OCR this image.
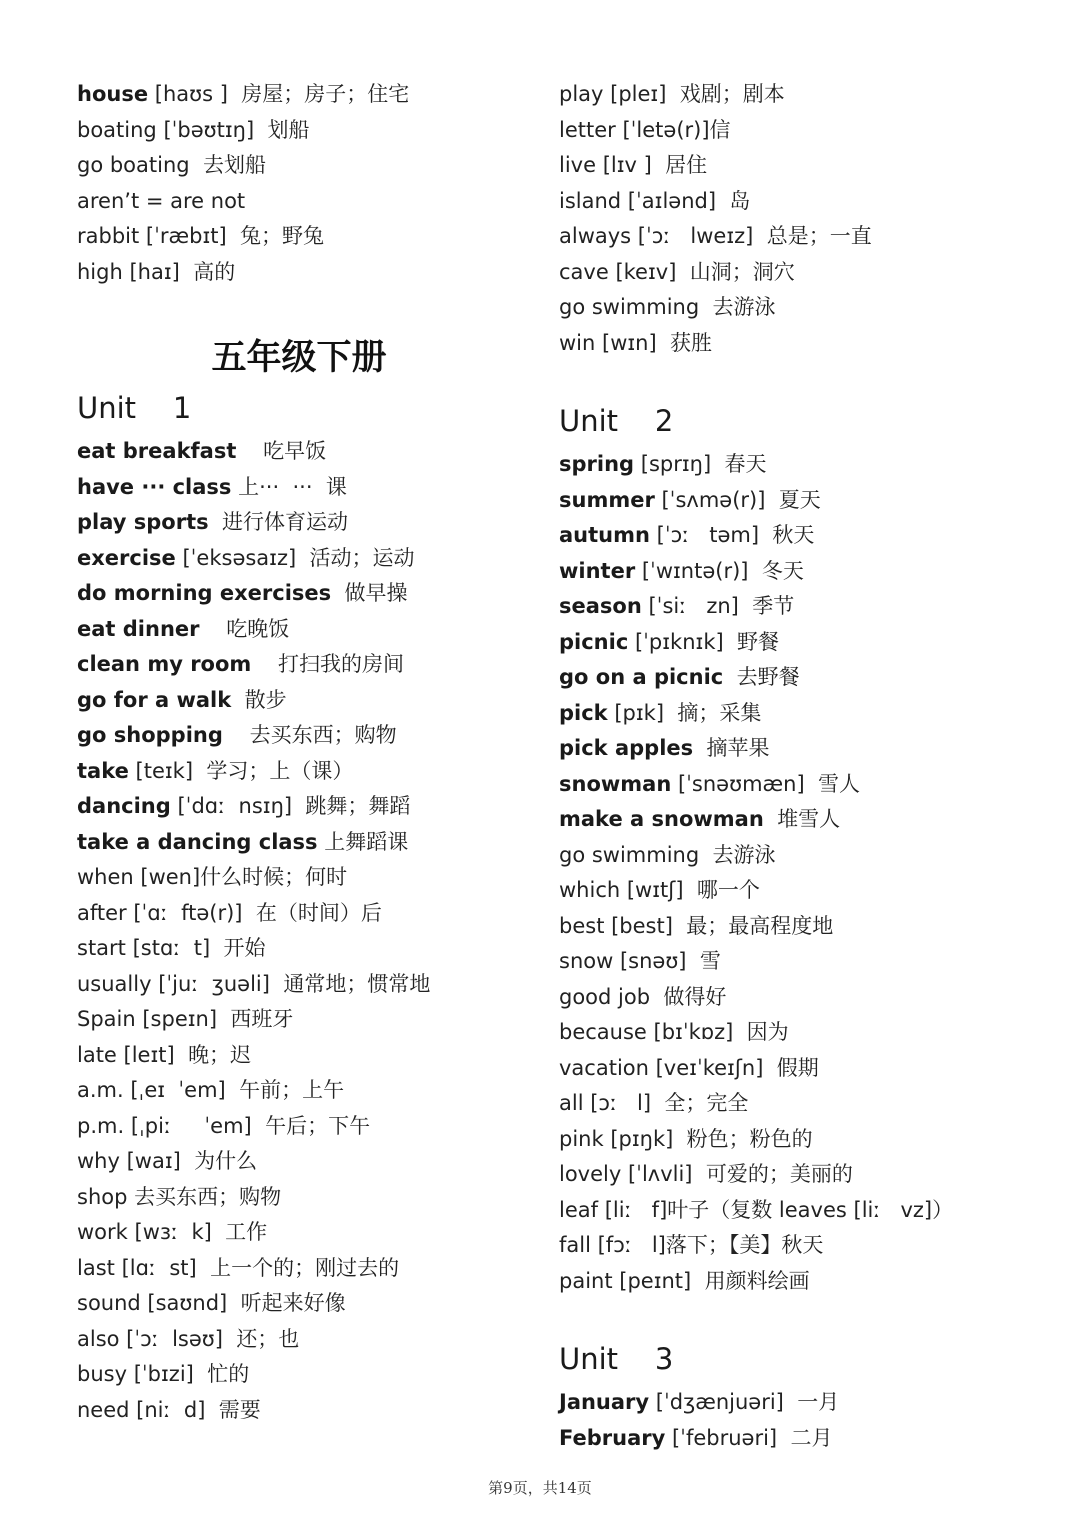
house [haʊs ]  房屋；房子；住宅
boating [ˈbəʊtɪŋ]  划船
go boating  去划船
aren’t = are not
rabbit [ˈræbɪt]  兔；野兔
high [haɪ]  高的
五年级下册
Unit    1
eat breakfast    吃早饭
have ··· class 上···  ···  课
play sports  进行体育运动
exercise [ˈeksəsaɪz]  活动；运动
do morning exercises  做早操
eat dinner    吃晚饭
clean my room    打扫我的房间
go for a walk  散步
go shopping    去买东西；购物
take [teɪk]  学习；上（课）
dancing [ˈdɑː  nsɪŋ]  跳舞；舞蹈
take a dancing class 上舞蹈课
when [wen]什么时候；何时
after [ˈɑː  ftə(r)]  在（时间）后
start [stɑː  t]  开始
usually [ˈjuː  ʒuəli]  通常地；惯常地
Spain [speɪn]  西班牙
late [leɪt]  晚；迟
a.m. [ˌeɪ  ˈem]  午前；上午
p.m. [ˌpiː     ˈem]  午后；下午
why [waɪ]  为什么
shop 去买东西；购物
work [wɜː  k]  工作
last [lɑː  st]  上一个的；刚过去的
sound [saʊnd]  听起来好像
also [ˈɔː  lsəʊ]  还；也
busy [ˈbɪzi]  忙的
need [niː  d]  需要
play [pleɪ]  戏剧；剧本
letter [ˈletə(r)]信
live [lɪv ]  居住
island [ˈaɪlənd]  岛
always [ˈɔː   lweɪz]  总是；一直
cave [keɪv]  山洞；洞穴
go swimming  去游泳
win [wɪn]  获胜
Unit    2
spring [sprɪŋ]  春天
summer [ˈsʌmə(r)]  夏天
autumn [ˈɔː   təm]  秋天
winter [ˈwɪntə(r)]  冬天
season [ˈsiː   zn]  季节
picnic [ˈpɪknɪk]  野餐
go on a picnic  去野餐
pick [pɪk]  摘；采集
pick apples  摘苹果
snowman [ˈsnəʊmæn]  雪人
make a snowman  堆雪人
go swimming  去游泳
which [wɪtʃ]  哪一个
best [best]  最；最高程度地
snow [snəʊ]  雪
good job  做得好
because [bɪˈkɒz]  因为
vacation [veɪˈkeɪʃn]  假期
all [ɔː   l]  全；完全
pink [pɪŋk]  粉色；粉色的
lovely [ˈlʌvli]  可爱的；美丽的
leaf [liː   f]叶子（复数 leaves [liː   vz]）
fall [fɔː   l]落下；【美】秋天
paint [peɪnt]  用颜料绘画
Unit    3
January [ˈdʒænjuəri]  一月
February [ˈfebruəri]  二月
第9页，共14页
